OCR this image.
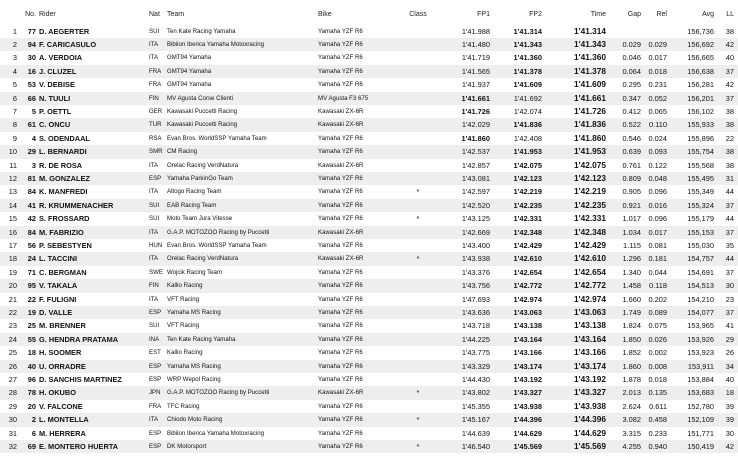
No. Rider	Nat	Team	Bike	Class	FP1	FP2	Time	Gap	Rel	Avg	LL
1	77 D. AEGERTER	SUI	Ten Kate Racing Yamaha	Yamaha YZF R6	1'41.988	1'41.314	1'41.314	156,736	38
2	94 F. CARICASULO	ITA	Bibilon Iberica Yamaha Motoxracing	Yamaha YZF R6	1'41.480	1'41.343	1'41.343	0.029	0.029	156,692	42
3	30 A. VERDOIA	ITA	GMT94 Yamaha	Yamaha YZF R6	1'41.719	1'41.360	1'41.360	0.046	0.017	156,665	40
4	16 J. CLUZEL	FRA GMT94 Yamaha	Yamaha YZF R6	1'41.565	1'41.378	1'41.378	0.064	0.018	156,638	37
5	53 V. DEBISE	FRA GMT94 Yamaha	Yamaha YZF R6	1'41.937	1'41.609	1'41.609	0.295	0.231	156,281	42
6	66 N. TUULI	FIN	MV Agusta Corse Clienti	MV Agusta F3 675	1'41.661	1'41.692	1'41.661	0.347	0.052	156,201	37
7	5 P. OETTL	GER Kawasaki Puccetti Racing	Kawasaki ZX-6R	1'41.726	1'42.074	1'41.726	0.412	0.065	156,102	38
8	61 C. ONCU	TUR Kawasaki Puccetti Racing	Kawasaki ZX-6R	1'42.029	1'41.836	1'41.836	0.522	0.110	155,933	38
9	4 S. ODENDAAL	RSA Evan Bros. WorldSSP Yamaha Team	Yamaha YZF R6	1'41.860	1'42.408	1'41.860	0.546	0.024	155,896	22
10	29 L. BERNARDI	SMR CM Racing	Yamaha YZF R6	1'42.537	1'41.953	1'41.953	0.639	0.093	155,754	38
11	3 R. DE ROSA	ITA	Orelac Racing VerdNatura	Kawasaki ZX-6R	1'42.857	1'42.075	1'42.075	0.761	0.122	155,568	38
12	81 M. GONZALEZ	ESP Yamaha ParkinGo Team	Yamaha YZF R6	1'43.081	1'42.123	1'42.123	0.809	0.048	155,495	31
13	84 K. MANFREDI	ITA	Altogo Racing Team	Yamaha YZF R6	*	1'42.597	1'42.219	1'42.219	0.905	0.096	155,349	44
14	41 R. KRUMMENACHER	SUI	EAB Racing Team	Yamaha YZF R6	1'42.520	1'42.235	1'42.235	0.921	0.016	155,324	37
15	42 S. FROSSARD	SUI	Moto Team Jura Vitesse	Yamaha YZF R6	*	1'43.125	1'42.331	1'42.331	1.017	0.096	155,179	44
16	84 M. FABRIZIO	ITA	G.A.P. MOTOZOO Racing by Puccetti	Kawasaki ZX-6R	1'42.669	1'42.348	1'42.348	1.034	0.017	155,153	37
17	56 P. SEBESTYEN	HUN Evan Bros. WorldSSP Yamaha Team	Yamaha YZF R6	1'43.400	1'42.429	1'42.429	1.115	0.081	155,030	35
18	24 L. TACCINI	ITA	Orelac Racing VerdNatura	Kawasaki ZX-6R	*	1'43.938	1'42.610	1'42.610	1.296	0.181	154,757	44
19	71 C. BERGMAN	SWE Wojcik Racing Team	Yamaha YZF R6	1'43.376	1'42.654	1'42.654	1.340	0.044	154,691	37
20	95 V. TAKALA	FIN	Kallio Racing	Yamaha YZF R6	1'43.756	1'42.772	1'42.772	1.458	0.118	154,513	30
21	22 F. FULIGNI	ITA	VFT Racing	Yamaha YZF R6	1'47.693	1'42.974	1'42.974	1.660	0.202	154,210	23
22	19 D. VALLE	ESP Yamaha MS Racing	Yamaha YZF R6	1'43.636	1'43.063	1'43.063	1.749	0.089	154,077	37
23	25 M. BRENNER	SUI	VFT Racing	Yamaha YZF R6	1'43.718	1'43.138	1'43.138	1.824	0.075	153,965	41
24	55 G. HENDRA PRATAMA	INA	Ten Kate Racing Yamaha	Yamaha YZF R6	1'44.225	1'43.164	1'43.164	1.850	0.026	153,926	29
25	18 H. SOOMER	EST	Kallio Racing	Yamaha YZF R6	1'43.775	1'43.166	1'43.166	1.852	0.002	153,923	26
26	40 U. ORRADRE	ESP Yamaha MS Racing	Yamaha YZF R6	1'43.329	1'43.174	1'43.174	1.860	0.008	153,911	34
27	96 D. SANCHIS MARTINEZ	ESP WRP Wepol Racing	Yamaha YZF R6	1'44.430	1'43.192	1'43.192	1.878	0.018	153,884	40
28	78 H. OKUBO	JPN	G.A.P. MOTOZOO Racing by Puccetti	Kawasaki ZX-6R	*	1'43.802	1'43.327	1'43.327	2.013	0.135	153,683	18
29	20 V. FALCONE	FRA TFC Racing	Yamaha YZF R6	1'45.355	1'43.938	1'43.938	2.624	0.611	152,780	39
30	2 L. MONTELLA	ITA	Chiodo Moto Racing	Yamaha YZF R6	*	1'45.167	1'44.396	1'44.396	3.082	0.458	152,109	39
31	6 M. HERRERA	ESP Bibilon Iberica Yamaha Motoxracing	Yamaha YZF R6	1'44.639	1'44.629	1'44.629	3.315	0.233	151,771	30
32	69 E. MONTERO HUERTA	ESP DK Motorsport	Yamaha YZF R6	*	1'46.540	1'45.569	1'45.569	4.255	0.940	150,419	42
